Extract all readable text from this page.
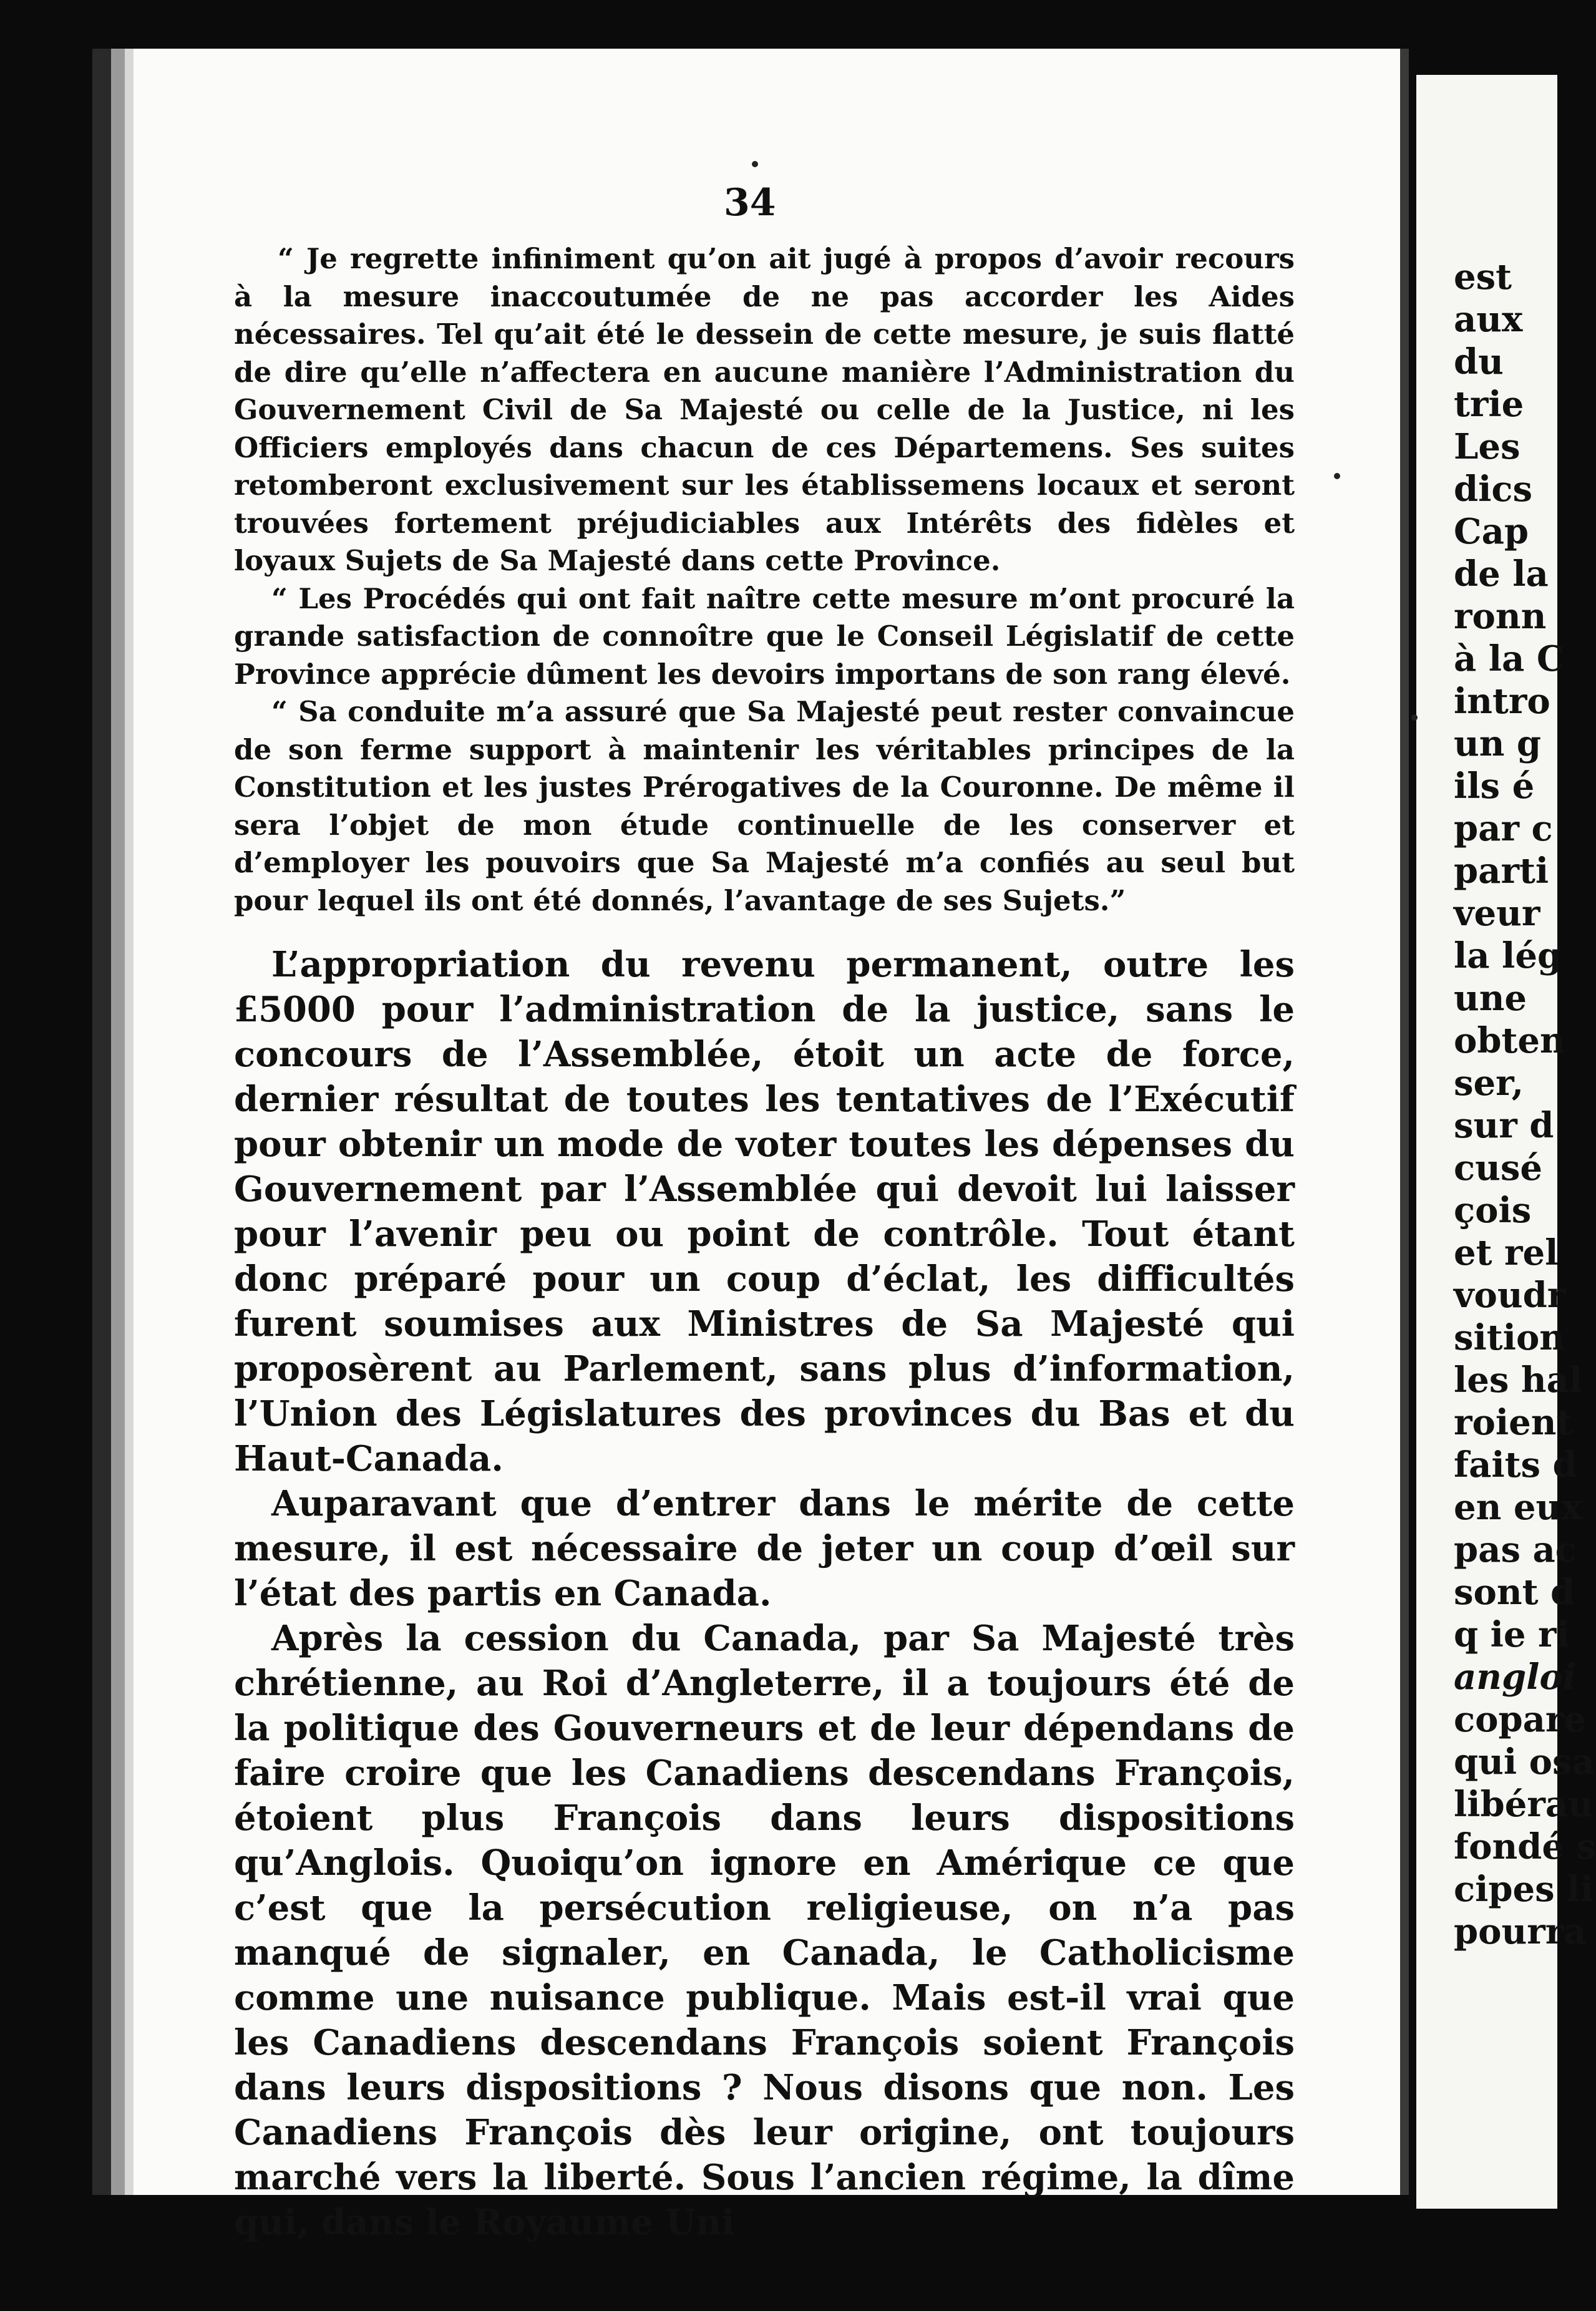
34

“ Je regrette infiniment qu’on ait jugé à propos d’avoir recours à la mesure inaccoutumée de ne pas accorder les Aides nécessaires. Tel qu’ait été le dessein de cette mesure, je suis flatté de dire qu’elle n’affectera en aucune manière l’Administration du Gouvernement Civil de Sa Majesté ou celle de la Justice, ni les Officiers employés dans chacun de ces Départemens. Ses suites retomberont exclusivement sur les établissemens locaux et seront trouvées fortement préjudiciables aux Intérêts des fidèles et loyaux Sujets de Sa Majesté dans cette Province.

“ Les Procédés qui ont fait naître cette mesure m’ont procuré la grande satisfaction de connoître que le Conseil Législatif de cette Province apprécie dûment les devoirs importans de son rang élevé.

“ Sa conduite m’a assuré que Sa Majesté peut rester convaincue de son ferme support à maintenir les véritables principes de la Constitution et les justes Prérogatives de la Couronne. De même il sera l’objet de mon étude continuelle de les conserver et d’employer les pouvoirs que Sa Majesté m’a confiés au seul but pour lequel ils ont été donnés, l’avantage de ses Sujets.”

L’appropriation du revenu permanent, outre les £5000 pour l’administration de la justice, sans le concours de l’Assemblée, étoit un acte de force, dernier résultat de toutes les tentatives de l’Exécutif pour obtenir un mode de voter toutes les dépenses du Gouvernement par l’Assemblée qui devoit lui laisser pour l’avenir peu ou point de contrôle. Tout étant donc préparé pour un coup d’éclat, les difficultés furent soumises aux Ministres de Sa Majesté qui proposèrent au Parlement, sans plus d’information, l’Union des Législatures des provinces du Bas et du Haut-Canada.

Auparavant que d’entrer dans le mérite de cette mesure, il est nécessaire de jeter un coup d’œil sur l’état des partis en Canada.

Après la cession du Canada, par Sa Majesté très chrétienne, au Roi d’Angleterre, il a toujours été de la politique des Gouverneurs et de leur dépendans de faire croire que les Canadiens descendans François, étoient plus François dans leurs dispositions qu’Anglois. Quoiqu’on ignore en Amérique ce que c’est que la persécution religieuse, on n’a pas manqué de signaler, en Canada, le Catholicisme comme une nuisance publique. Mais est-il vrai que les Canadiens descendans François soient François dans leurs dispositions ? Nous disons que non. Les Canadiens François dès leur origine, ont toujours marché vers la liberté. Sous l’ancien régime, la dîme qui, dans le Royaume Uni

est
aux
du
trie
Les
dics
Cap
de la
ronn
à la C
intro
un g
ils é
par c
parti
veur
la lég
une
obten
ser,
sur d
cusé
çois
et rel
voudr
sition
les hal
roient
faits d
en eux
pas ac
sont d
q ie ri
angloi
copare
qui osa
libérau
fondé s
cipes li
pourra
